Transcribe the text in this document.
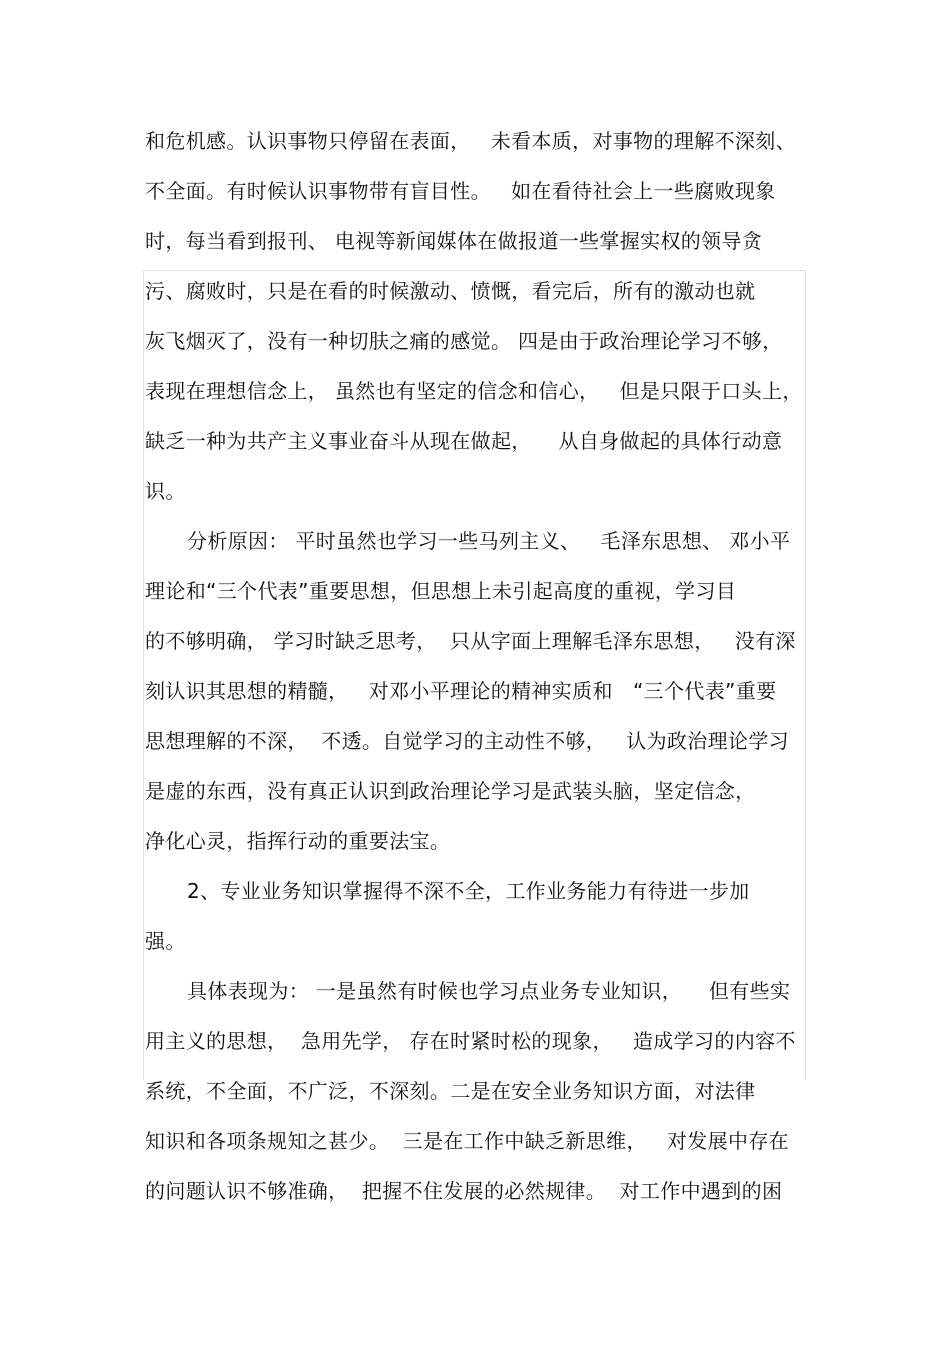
和危机感。认识事物只停留在表面，   未看本质，对事物的理解不深刻、
不全面。有时候认识事物带有盲目性。   如在看待社会上一些腐败现象
时，每当看到报刊、 电视等新闻媒体在做报道一些掌握实权的领导贪
污、腐败时，只是在看的时候激动、愤慨，看完后，所有的激动也就
灰飞烟灭了，没有一种切肤之痛的感觉。 四是由于政治理论学习不够，
表现在理想信念上， 虽然也有坚定的信念和信心，   但是只限于口头上，
缺乏一种为共产主义事业奋斗从现在做起，    从自身做起的具体行动意
识。
分析原因： 平时虽然也学习一些马列主义、   毛泽东思想、 邓小平
理论和“三个代表”重要思想，但思想上未引起高度的重视，学习目
的不够明确， 学习时缺乏思考，  只从字面上理解毛泽东思想，   没有深
刻认识其思想的精髓，   对邓小平理论的精神实质和   “三个代表”重要
思想理解的不深，  不透。自觉学习的主动性不够，   认为政治理论学习
是虚的东西，没有真正认识到政治理论学习是武装头脑，坚定信念，
净化心灵，指挥行动的重要法宝。
2、专业业务知识掌握得不深不全，工作业务能力有待进一步加
强。
具体表现为： 一是虽然有时候也学习点业务专业知识，    但有些实
用主义的思想，  急用先学， 存在时紧时松的现象，   造成学习的内容不
系统，不全面，不广泛，不深刻。二是在安全业务知识方面，对法律
知识和各项条规知之甚少。  三是在工作中缺乏新思维，   对发展中存在
的问题认识不够准确，  把握不住发展的必然规律。  对工作中遇到的困
